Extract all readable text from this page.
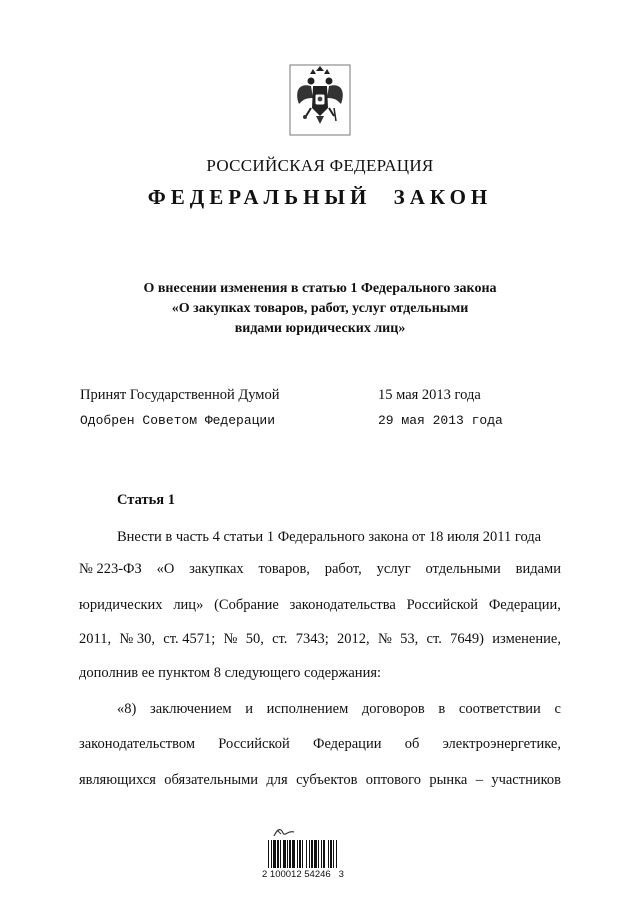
РОССИЙСКАЯ ФЕДЕРАЦИЯ
ФЕДЕРАЛЬНЫЙ ЗАКОН
О внесении изменения в статью 1 Федерального закона
«О закупках товаров, работ, услуг отдельными
видами юридических лиц»
Принят Государственной Думой	15 мая 2013 года
Одобрен Советом Федерации	29 мая 2013 года
Статья 1
Внести в часть 4 статьи 1 Федерального закона от 18 июля 2011 года
№ 223-ФЗ «О закупках товаров, работ, услуг отдельными видами
юридических лиц» (Собрание законодательства Российской Федерации,
2011, № 30, ст. 4571; № 50, ст. 7343; 2012, № 53, ст. 7649) изменение,
дополнив ее пунктом 8 следующего содержания:
«8) заключением и исполнением договоров в соответствии с
законодательством Российской Федерации об электроэнергетике,
являющихся обязательными для субъектов оптового рынка – участников
2 100012 54246   3
